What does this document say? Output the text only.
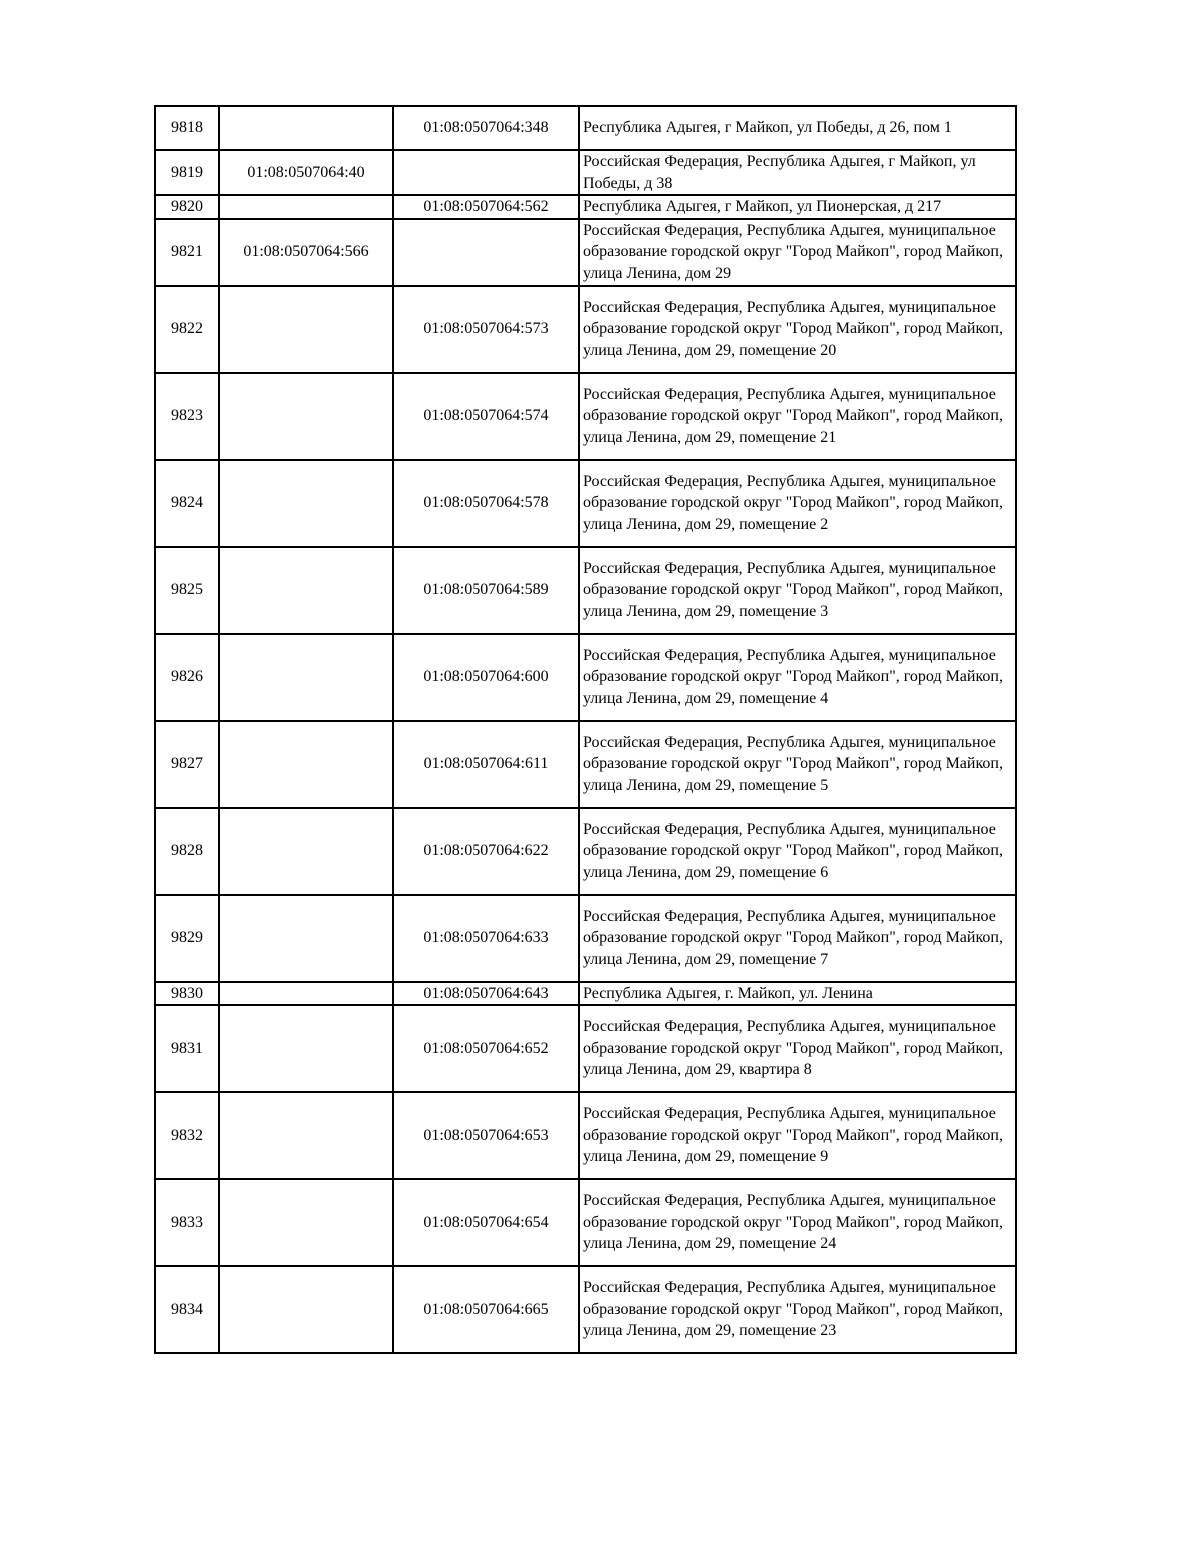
9818		01:08:0507064:348	Республика Адыгея, г Майкоп, ул Победы, д 26, пом 1
9819	01:08:0507064:40		Российская Федерация, Республика Адыгея, г Майкоп, ул Победы, д 38
9820		01:08:0507064:562	Республика Адыгея, г Майкоп, ул Пионерская, д 217
9821	01:08:0507064:566		Российская Федерация, Республика Адыгея, муниципальное образование городской округ "Город Майкоп", город Майкоп, улица Ленина, дом 29
9822		01:08:0507064:573	Российская Федерация, Республика Адыгея, муниципальное образование городской округ "Город Майкоп", город Майкоп, улица Ленина, дом 29, помещение 20
9823		01:08:0507064:574	Российская Федерация, Республика Адыгея, муниципальное образование городской округ "Город Майкоп", город Майкоп, улица Ленина, дом 29, помещение 21
9824		01:08:0507064:578	Российская Федерация, Республика Адыгея, муниципальное образование городской округ "Город Майкоп", город Майкоп, улица Ленина, дом 29, помещение 2
9825		01:08:0507064:589	Российская Федерация, Республика Адыгея, муниципальное образование городской округ "Город Майкоп", город Майкоп, улица Ленина, дом 29, помещение 3
9826		01:08:0507064:600	Российская Федерация, Республика Адыгея, муниципальное образование городской округ "Город Майкоп", город Майкоп, улица Ленина, дом 29, помещение 4
9827		01:08:0507064:611	Российская Федерация, Республика Адыгея, муниципальное образование городской округ "Город Майкоп", город Майкоп, улица Ленина, дом 29, помещение 5
9828		01:08:0507064:622	Российская Федерация, Республика Адыгея, муниципальное образование городской округ "Город Майкоп", город Майкоп, улица Ленина, дом 29, помещение 6
9829		01:08:0507064:633	Российская Федерация, Республика Адыгея, муниципальное образование городской округ "Город Майкоп", город Майкоп, улица Ленина, дом 29, помещение 7
9830		01:08:0507064:643	Республика Адыгея, г. Майкоп, ул. Ленина
9831		01:08:0507064:652	Российская Федерация, Республика Адыгея, муниципальное образование городской округ "Город Майкоп", город Майкоп, улица Ленина, дом 29, квартира 8
9832		01:08:0507064:653	Российская Федерация, Республика Адыгея, муниципальное образование городской округ "Город Майкоп", город Майкоп, улица Ленина, дом 29, помещение 9
9833		01:08:0507064:654	Российская Федерация, Республика Адыгея, муниципальное образование городской округ "Город Майкоп", город Майкоп, улица Ленина, дом 29, помещение 24
9834		01:08:0507064:665	Российская Федерация, Республика Адыгея, муниципальное образование городской округ "Город Майкоп", город Майкоп, улица Ленина, дом 29, помещение 23
